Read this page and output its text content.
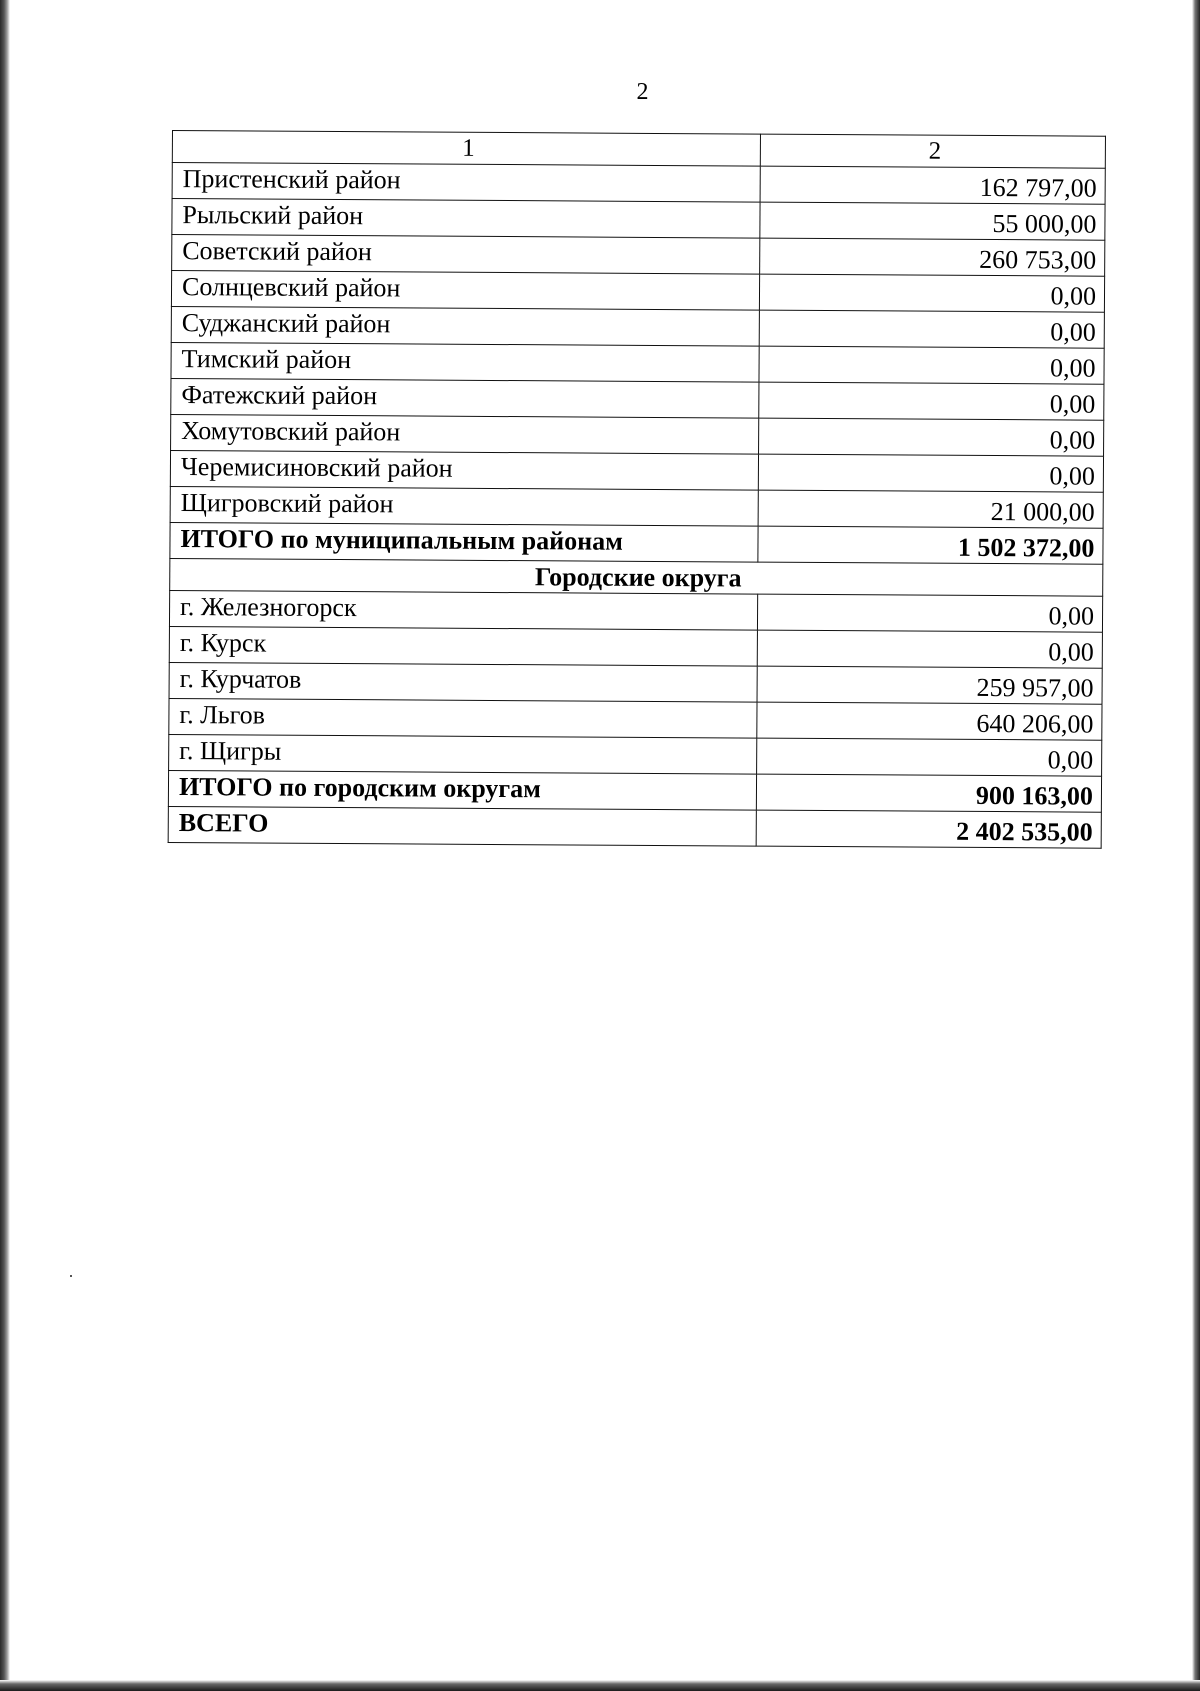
2
1	2
Пристенский район	162 797,00
Рыльский район	55 000,00
Советский район	260 753,00
Солнцевский район	0,00
Суджанский район	0,00
Тимский район	0,00
Фатежский район	0,00
Хомутовский район	0,00
Черемисиновский район	0,00
Щигровский район	21 000,00
ИТОГО по муниципальным районам	1 502 372,00
Городские округа	
г. Железногорск	0,00
г. Курск	0,00
г. Курчатов	259 957,00
г. Льгов	640 206,00
г. Щигры	0,00
ИТОГО по городским округам	900 163,00
ВСЕГО	2 402 535,00
